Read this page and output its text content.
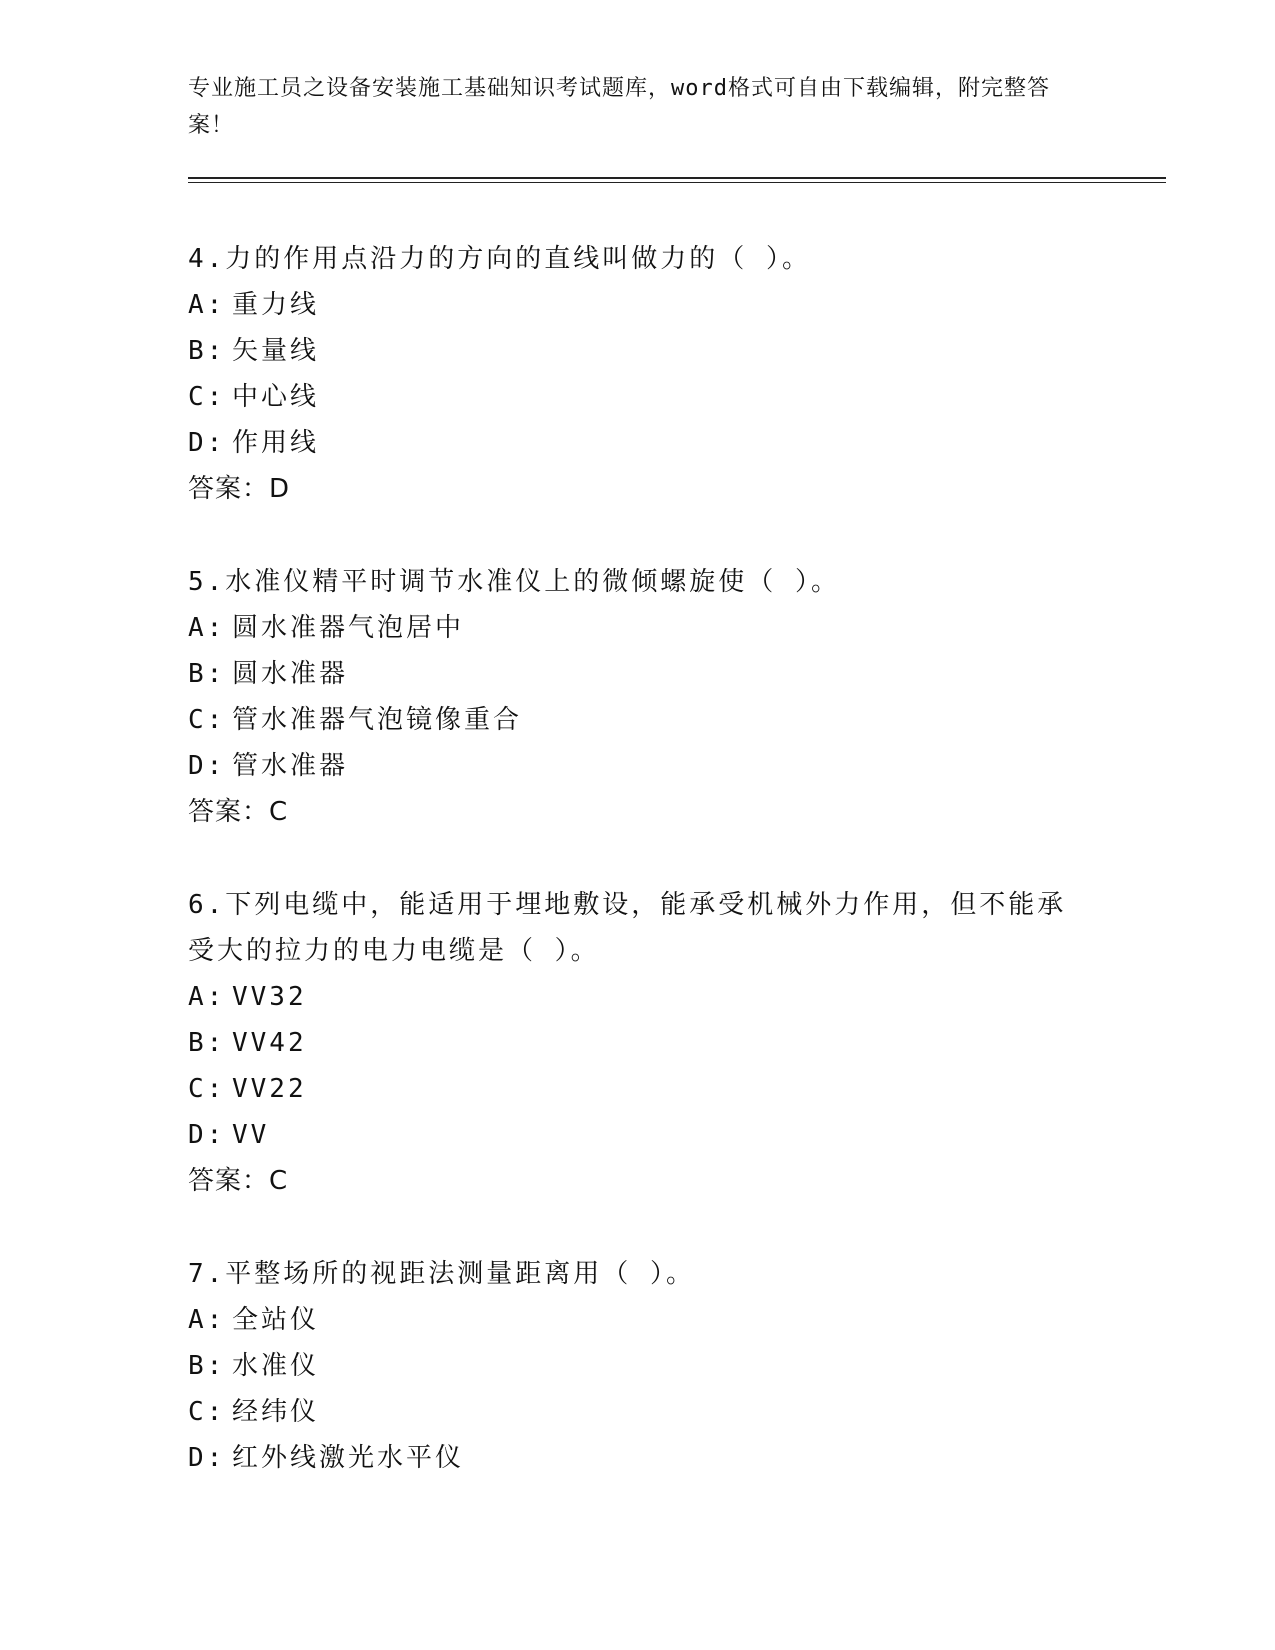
专业施工员之设备安装施工基础知识考试题库，word格式可自由下载编辑，附完整答案！

4.力的作用点沿力的方向的直线叫做力的（ ）。

A: 重力线
B: 矢量线
C: 中心线
D: 作用线

答案：D

5.水准仪精平时调节水准仪上的微倾螺旋使（ ）。

A: 圆水准器气泡居中
B: 圆水准器
C: 管水准器气泡镜像重合
D: 管水准器

答案：C

6.下列电缆中，能适用于埋地敷设，能承受机械外力作用，但不能承受大的拉力的电力电缆是（ ）。

A: VV32
B: VV42
C: VV22
D: VV

答案：C

7.平整场所的视距法测量距离用（ ）。

A: 全站仪
B: 水准仪
C: 经纬仪
D: 红外线激光水平仪
